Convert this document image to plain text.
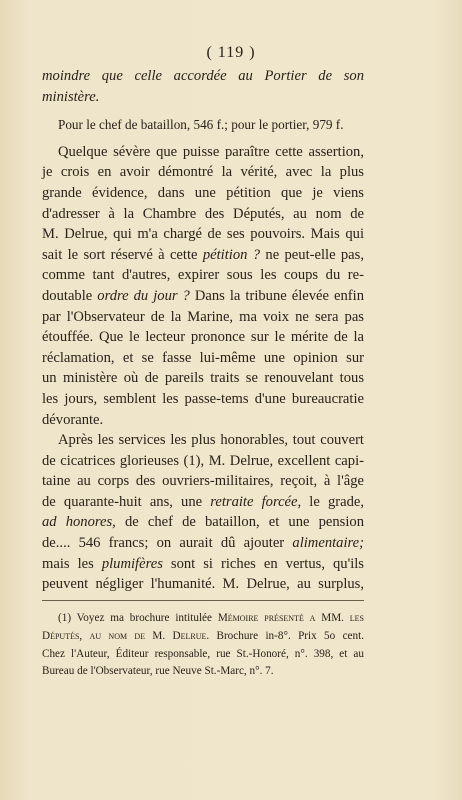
( 119 )
moindre que celle accordée au Portier de son
ministère.
Pour le chef de bataillon, 546 f.; pour le portier, 979 f.
Quelque sévère que puisse paraître cette assertion,
je crois en avoir démontré la vérité, avec la plus
grande évidence, dans une pétition que je viens
d'adresser à la Chambre des Députés, au nom de
M. Delrue, qui m'a chargé de ses pouvoirs. Mais qui
sait le sort réservé à cette pétition ? ne peut-elle pas,
comme tant d'autres, expirer sous les coups du re-
doutable ordre du jour ? Dans la tribune élevée enfin
par l'Observateur de la Marine, ma voix ne sera pas
étouffée. Que le lecteur prononce sur le mérite de la
réclamation, et se fasse lui-même une opinion sur
un ministère où de pareils traits se renouvelant tous
les jours, semblent les passe-tems d'une bureaucratie
dévorante.
Après les services les plus honorables, tout couvert
de cicatrices glorieuses (1), M. Delrue, excellent capi-
taine au corps des ouvriers-militaires, reçoit, à l'âge
de quarante-huit ans, une retraite forcée, le grade,
ad honores, de chef de bataillon, et une pension
de.... 546 francs; on aurait dû ajouter alimentaire;
mais les plumifères sont si riches en vertus, qu'ils
peuvent négliger l'humanité. M. Delrue, au surplus,
(1) Voyez ma brochure intitulée Mémoire présenté a MM. les
Députés, au nom de M. Delrue. Brochure in-8°. Prix 5o cent.
Chez l'Auteur, Éditeur responsable, rue St.-Honoré, n°. 398, et au
Bureau de l'Observateur, rue Neuve St.-Marc, n°. 7.
